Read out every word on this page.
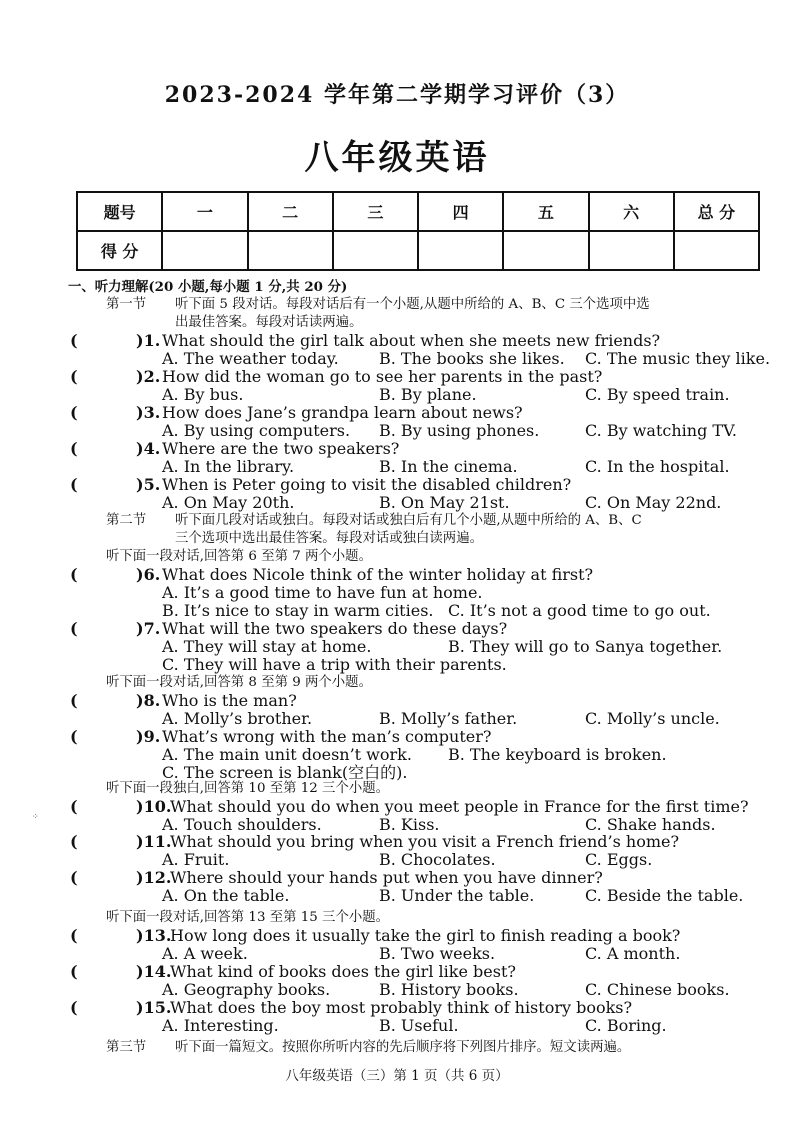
2023-2024 学年第二学期学习评价（3）
八年级英语
题号	一	二	三	四	五	六	总 分
得 分							
一、听力理解(20 小题,每小题 1 分,共 20 分)
第一节 听下面 5 段对话。每段对话后有一个小题,从题中所给的 A、B、C 三个选项中选
出最佳答案。每段对话读两遍。
(	)1. What should the girl talk about when she meets new friends?
A. The weather today.	B. The books she likes. C. The music they like.
(	)2. How did the woman go to see her parents in the past?
A. By bus.	B. By plane.	C. By speed train.
(	)3. How does Jane’s grandpa learn about news?
A. By using computers. B. By using phones.	C. By watching TV.
(	)4. Where are the two speakers?
A. In the library.	B. In the cinema.	C. In the hospital.
(	)5. When is Peter going to visit the disabled children?
A. On May 20th.	B. On May 21st.	C. On May 22nd.
(	)6. What does Nicole think of the winter holiday at first?
A. It’s a good time to have fun at home.
B. It’s nice to stay in warm cities. C. It’s not a good time to go out.
(	)7. What will the two speakers do these days?
A. They will stay at home.	B. They will go to Sanya together.
C. They will have a trip with their parents.
(	)8. Who is the man?
A. Molly’s brother.	B. Molly’s father.	C. Molly’s uncle.
(	)9. What’s wrong with the man’s computer?
A. The main unit doesn’t work. B. The keyboard is broken.
C. The screen is blank(空白的).
(	)10.
What should you do when you meet people in France for the first time?
A. Touch shoulders.	B. Kiss.	C. Shake hands.
(	)11.
What should you bring when you visit a French friend’s home?
A. Fruit.	B. Chocolates.	C. Eggs.
(	)12.
Where should your hands put when you have dinner?
A. On the table.	B. Under the table.	C. Beside the table.
(	)13.
How long does it usually take the girl to finish reading a book?
A. A week.	B. Two weeks.	C. A month.
(	)14.
What kind of books does the girl like best?
A. Geography books.	B. History books.	C. Chinese books.
(	)15.
What does the boy most probably think of history books?
A. Interesting.	B. Useful.	C. Boring.
第二节 听下面几段对话或独白。每段对话或独白后有几个小题,从题中所给的 A、B、C
三个选项中选出最佳答案。每段对话或独白读两遍。
听下面一段对话,回答第 6 至第 7 两个小题。
听下面一段对话,回答第 8 至第 9 两个小题。
听下面一段独白,回答第 10 至第 12 三个小题。
听下面一段对话,回答第 13 至第 15 三个小题。
第三节 听下面一篇短文。按照你所听内容的先后顺序将下列图片排序。短文读两遍。
⁘
八年级英语（三）第 1 页（共 6 页）
